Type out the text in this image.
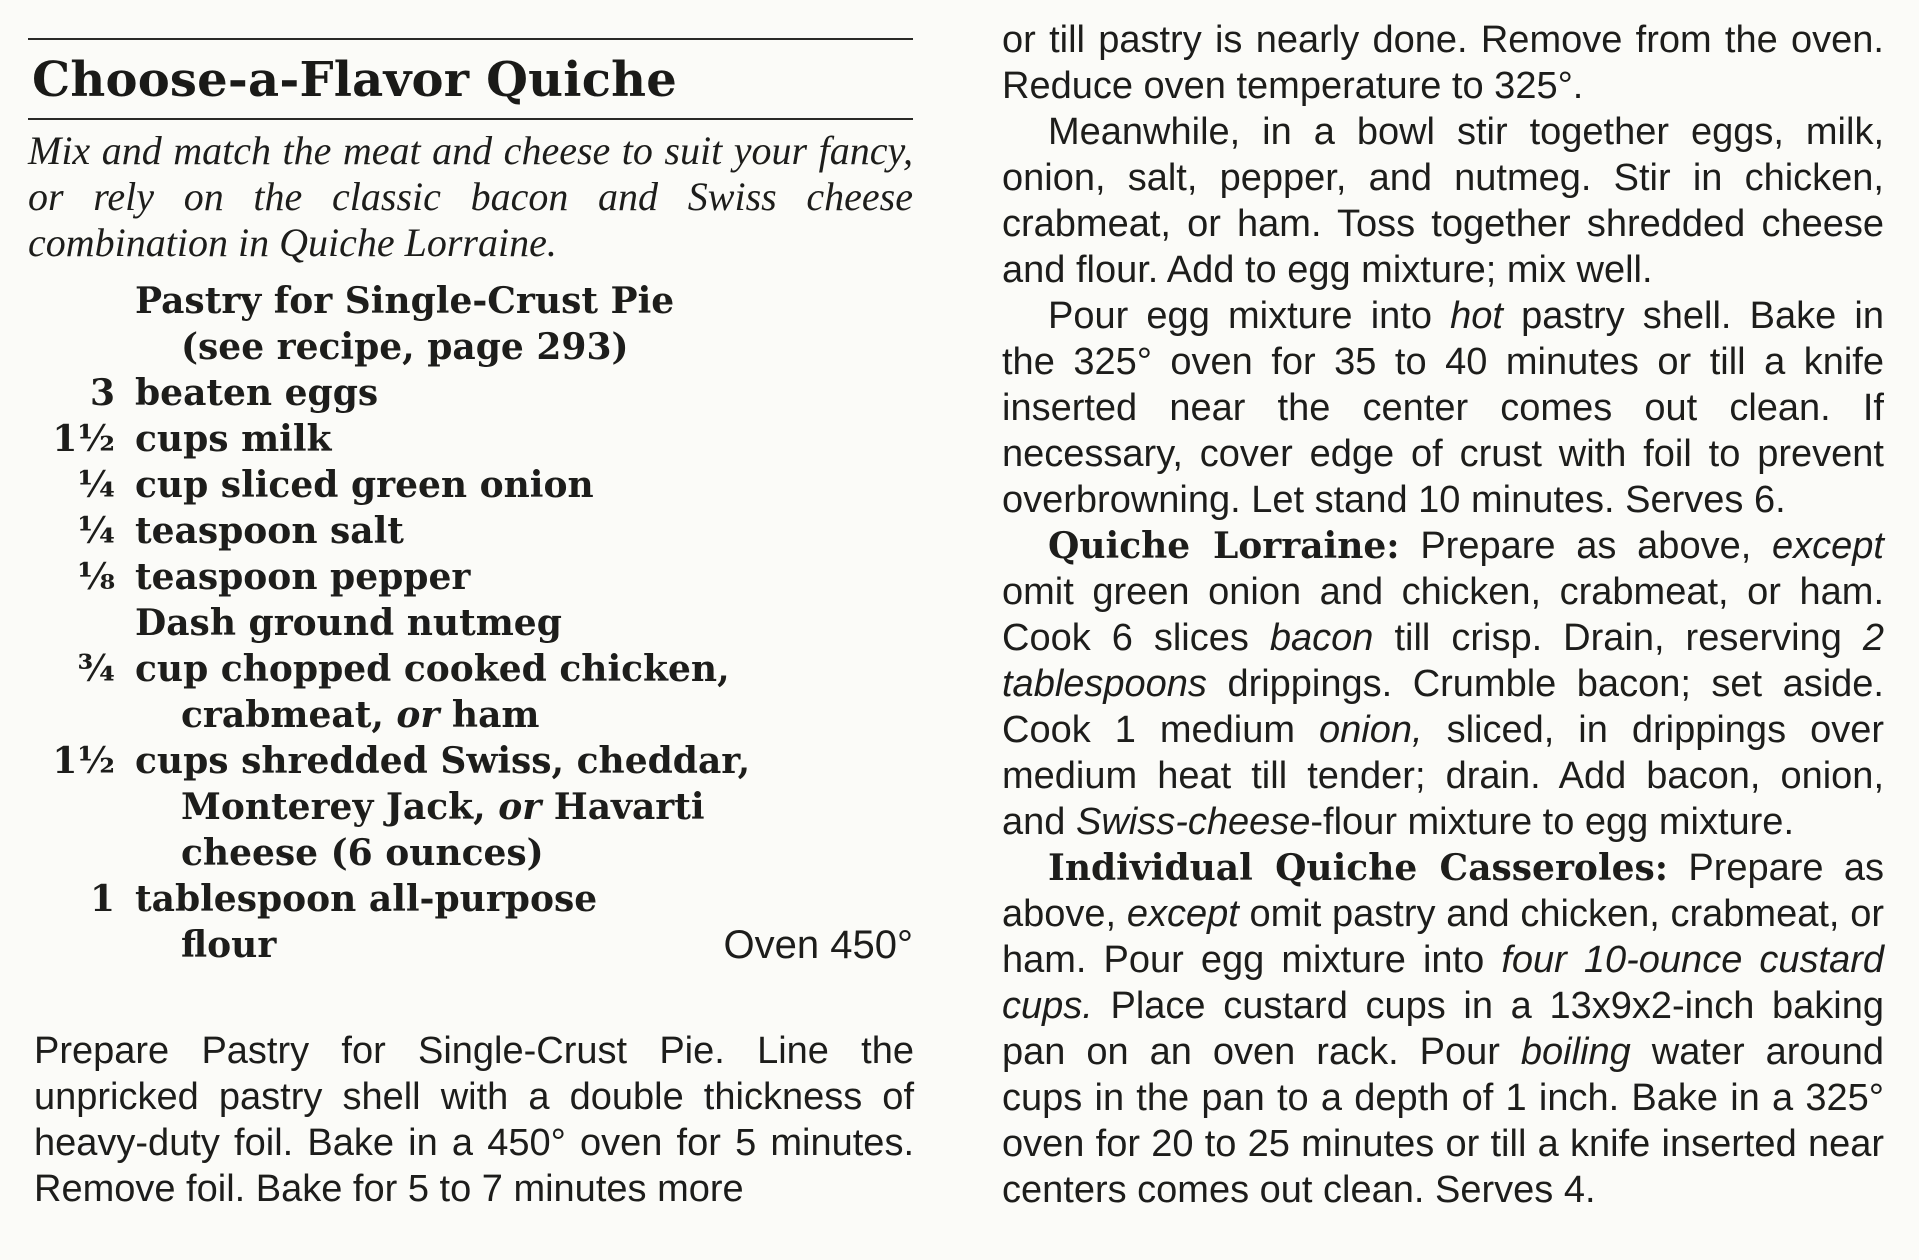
Choose-a-Flavor Quiche
Mix and match the meat and cheese to suit your fancy, or rely on the classic bacon and Swiss cheese combination in Quiche Lorraine.
Pastry for Single-Crust Pie
(see recipe, page 293)
3 beaten eggs
1½ cups milk
¼ cup sliced green onion
¼ teaspoon salt
⅛ teaspoon pepper
Dash ground nutmeg
¾ cup chopped cooked chicken,
crabmeat, or ham
1½ cups shredded Swiss, cheddar,
Monterey Jack, or Havarti
cheese (6 ounces)
1 tablespoon all-purpose
flour	Oven 450°
Prepare Pastry for Single-Crust Pie. Line the unpricked pastry shell with a double thickness of heavy-duty foil. Bake in a 450° oven for 5 minutes. Remove foil. Bake for 5 to 7 minutes more

or till pastry is nearly done. Remove from the oven. Reduce oven temperature to 325°.

Meanwhile, in a bowl stir together eggs, milk, onion, salt, pepper, and nutmeg. Stir in chicken, crabmeat, or ham. Toss together shredded cheese and flour. Add to egg mixture; mix well.

Pour egg mixture into hot pastry shell. Bake in the 325° oven for 35 to 40 minutes or till a knife inserted near the center comes out clean. If necessary, cover edge of crust with foil to prevent overbrowning. Let stand 10 minutes. Serves 6.

Quiche Lorraine: Prepare as above, except omit green onion and chicken, crabmeat, or ham. Cook 6 slices bacon till crisp. Drain, reserving 2 tablespoons drippings. Crumble bacon; set aside. Cook 1 medium onion, sliced, in drippings over medium heat till tender; drain. Add bacon, onion, and Swiss-cheese-flour mixture to egg mixture.

Individual Quiche Casseroles: Prepare as above, except omit pastry and chicken, crabmeat, or ham. Pour egg mixture into four 10-ounce custard cups. Place custard cups in a 13x9x2-inch baking pan on an oven rack. Pour boiling water around cups in the pan to a depth of 1 inch. Bake in a 325° oven for 20 to 25 minutes or till a knife inserted near centers comes out clean. Serves 4.
